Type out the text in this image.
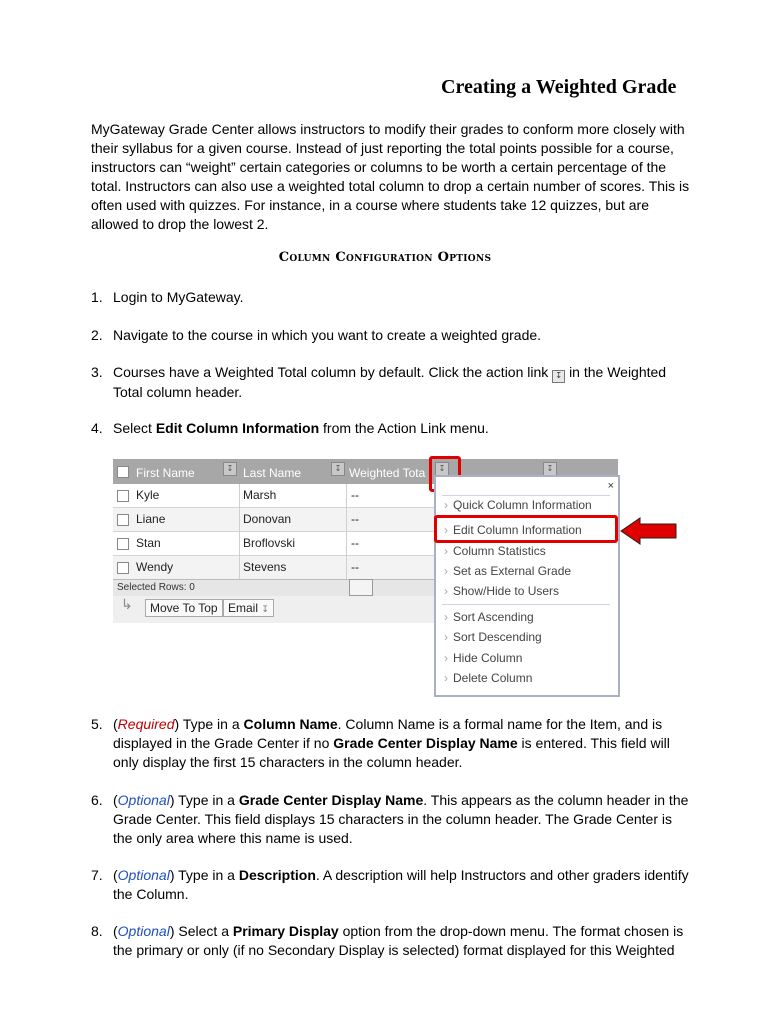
Creating a Weighted Grade
MyGateway Grade Center allows instructors to modify their grades to conform more closely with their syllabus for a given course. Instead of just reporting the total points possible for a course, instructors can “weight” certain categories or columns to be worth a certain percentage of the total. Instructors can also use a weighted total column to drop a certain number of scores. This is often used with quizzes. For instance, in a course where students take 12 quizzes, but are allowed to drop the lowest 2.
Column Configuration Options
1. Login to MyGateway.
2. Navigate to the course in which you want to create a weighted grade.
3. Courses have a Weighted Total column by default. Click the action link ↧ in the Weighted Total column header.
4. Select Edit Column Information from the Action Link menu.
First Name	↧ Last Name	↧ Weighted Tota	↧	↧
Kyle	Marsh	--
Liane	Donovan	--
Stan	Broflovski	--
Wendy	Stevens	--
Selected Rows: 0
↳	Move To Top Email ↧
×
› Quick Column Information
› Edit Column Information
› Column Statistics
› Set as External Grade
› Show/Hide to Users
› Sort Ascending
› Sort Descending
› Hide Column
› Delete Column
5. (Required) Type in a Column Name. Column Name is a formal name for the Item, and is displayed in the Grade Center if no Grade Center Display Name is entered. This field will only display the first 15 characters in the column header.
6. (Optional) Type in a Grade Center Display Name. This appears as the column header in the Grade Center. This field displays 15 characters in the column header. The Grade Center is the only area where this name is used.
7. (Optional) Type in a Description. A description will help Instructors and other graders identify the Column.
8. (Optional) Select a Primary Display option from the drop-down menu. The format chosen is the primary or only (if no Secondary Display is selected) format displayed for this Weighted
